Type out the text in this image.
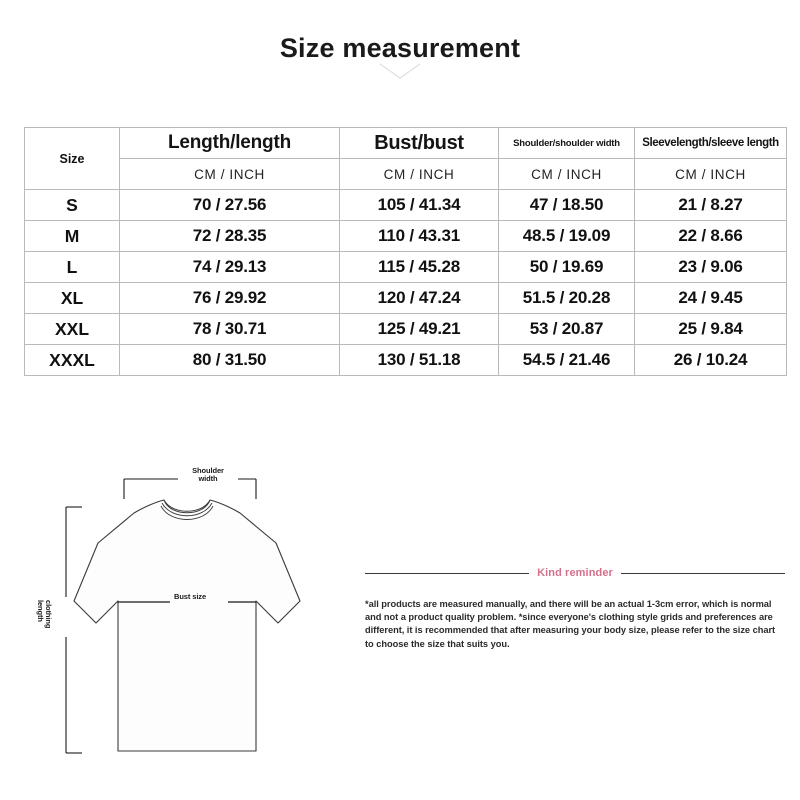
Size measurement
Size	Length/length	Bust/bust	Shoulder/shoulder width	Sleevelength/sleeve length
	CM / INCH	CM / INCH	CM / INCH	CM / INCH
S	70 / 27.56	105 / 41.34	47 / 18.50	21 / 8.27
M	72 / 28.35	110 / 43.31	48.5 / 19.09	22 / 8.66
L	74 / 29.13	115 / 45.28	50 / 19.69	23 / 9.06
XL	76 / 29.92	120 / 47.24	51.5 / 20.28	24 / 9.45
XXL	78 / 30.71	125 / 49.21	53 / 20.87	25 / 9.84
XXXL	80 / 31.50	130 / 51.18	54.5 / 21.46	26 / 10.24
Shoulder
width
Bust size
clothing
length
Kind reminder
*all products are measured manually, and there will be an actual 1-3cm error, which is normal and not a product quality problem. *since everyone's clothing style grids and preferences are different, it is recommended that after measuring your body size, please refer to the size chart to choose the size that suits you.
